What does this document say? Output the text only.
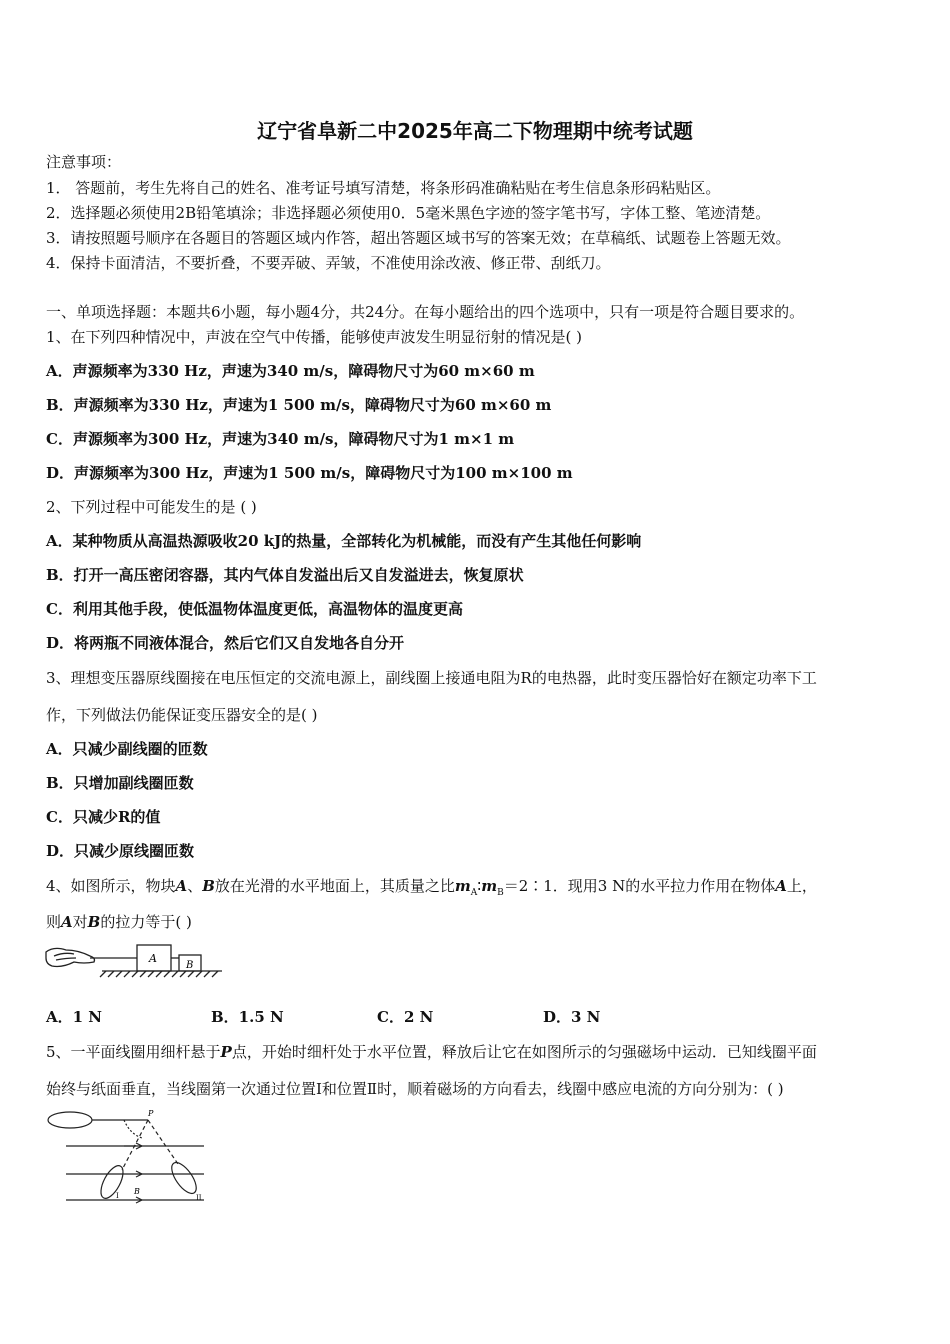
辽宁省阜新二中2025年高二下物理期中统考试题
注意事项：
1． 答题前，考生先将自己的姓名、准考证号填写清楚，将条形码准确粘贴在考生信息条形码粘贴区。
2．选择题必须使用2B铅笔填涂；非选择题必须使用0．5毫米黑色字迹的签字笔书写，字体工整、笔迹清楚。
3．请按照题号顺序在各题目的答题区域内作答，超出答题区域书写的答案无效；在草稿纸、试题卷上答题无效。
4．保持卡面清洁，不要折叠，不要弄破、弄皱，不准使用涂改液、修正带、刮纸刀。
一、单项选择题：本题共6小题，每小题4分，共24分。在每小题给出的四个选项中，只有一项是符合题目要求的。
1、在下列四种情况中，声波在空气中传播，能够使声波发生明显衍射的情况是( )
A．声源频率为330 Hz，声速为340 m/s，障碍物尺寸为60 m×60 m
B．声源频率为330 Hz，声速为1 500 m/s，障碍物尺寸为60 m×60 m
C．声源频率为300 Hz，声速为340 m/s，障碍物尺寸为1 m×1 m
D．声源频率为300 Hz，声速为1 500 m/s，障碍物尺寸为100 m×100 m
2、下列过程中可能发生的是 ( )
A．某种物质从高温热源吸收20 kJ的热量，全部转化为机械能，而没有产生其他任何影响
B．打开一高压密闭容器，其内气体自发溢出后又自发溢进去，恢复原状
C．利用其他手段，使低温物体温度更低，高温物体的温度更高
D．将两瓶不同液体混合，然后它们又自发地各自分开
3、理想变压器原线圈接在电压恒定的交流电源上，副线圈上接通电阻为R的电热器，此时变压器恰好在额定功率下工
作，下列做法仍能保证变压器安全的是( )
A．只减少副线圈的匝数
B．只增加副线圈匝数
C．只减少R的值
D．只减少原线圈匝数
4、如图所示，物块A、B放在光滑的水平地面上，其质量之比$m_A∶m_B=2∶1$．现用3 N的水平拉力作用在物体A上，
则A对B的拉力等于( )
A
B
A．1 N	B．1.5 N	C．2 N	D．3 N
5、一平面线圈用细杆悬于P点，开始时细杆处于水平位置，释放后让它在如图所示的匀强磁场中运动．已知线圈平面
始终与纸面垂直，当线圈第一次通过位置Ⅰ和位置Ⅱ时，顺着磁场的方向看去，线圈中感应电流的方向分别为：( )
P
B
I	II
